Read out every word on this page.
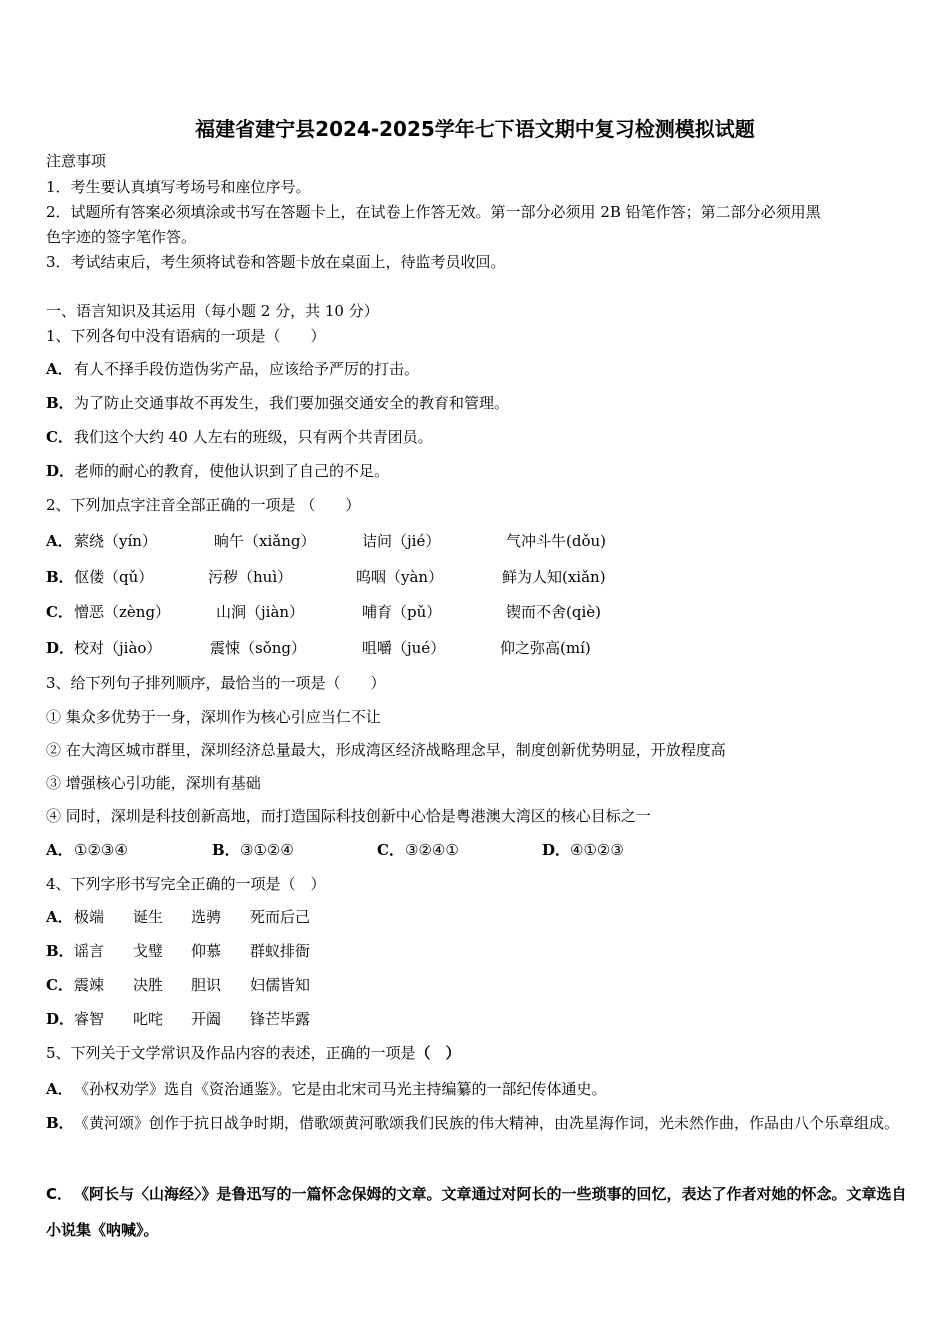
福建省建宁县2024-2025学年七下语文期中复习检测模拟试题
注意事项
1．考生要认真填写考场号和座位序号。
2．试题所有答案必须填涂或书写在答题卡上，在试卷上作答无效。第一部分必须用 2B 铅笔作答；第二部分必须用黑
色字迹的签字笔作答。
3．考试结束后，考生须将试卷和答题卡放在桌面上，待监考员收回。
一、语言知识及其运用（每小题 2 分，共 10 分）
1、下列各句中没有语病的一项是（　　）
A．有人不择手段仿造伪劣产品，应该给予严厉的打击。
B．为了防止交通事故不再发生，我们要加强交通安全的教育和管理。
C．我们这个大约 40 人左右的班级，只有两个共青团员。
D．老师的耐心的教育，使他认识到了自己的不足。
2、下列加点字注音全部正确的一项是 （　　）
A． 萦绕（yín）	晌午（xiǎng）	诘问（jié）	气冲斗牛(dǒu)
B． 伛偻（qǔ）	污秽（huì）	呜咽（yàn）	鲜为人知(xiǎn)
C． 憎恶（zèng）	山涧（jiàn）	哺育（pǔ）	锲而不舍(qiè)
D． 校对（jiào）	震悚（sǒng）	咀嚼（jué）	仰之弥高(mí)
3、给下列句子排列顺序，最恰当的一项是（　　）
① 集众多优势于一身，深圳作为核心引应当仁不让
② 在大湾区城市群里，深圳经济总量最大，形成湾区经济战略理念早，制度创新优势明显，开放程度高
③ 增强核心引功能，深圳有基础
④ 同时，深圳是科技创新高地，而打造国际科技创新中心恰是粤港澳大湾区的核心目标之一
A．①②③④	B．③①②④	C．③②④①	D．④①②③
4、下列字形书写完全正确的一项是（　）
A． 极端 诞生 选骋 死而后己
B． 谣言 戈璧 仰慕 群蚁排衙
C． 震竦 决胜 胆识 妇儒皆知
D． 睿智 叱咤 开阖 锋芒毕露
5、下列关于文学常识及作品内容的表述，正确的一项是（　）
A．《孙权劝学》选自《资治通鉴》。它是由北宋司马光主持编纂的一部纪传体通史。
B．《黄河颂》创作于抗日战争时期，借歌颂黄河歌颂我们民族的伟大精神，由冼星海作词，光未然作曲，作品由八个乐章组成。
C． 《阿长与〈山海经〉》是鲁迅写的一篇怀念保姆的文章。文章通过对阿长的一些琐事的回忆，表达了作者对她的怀念。文章选自小说集《呐喊》。
